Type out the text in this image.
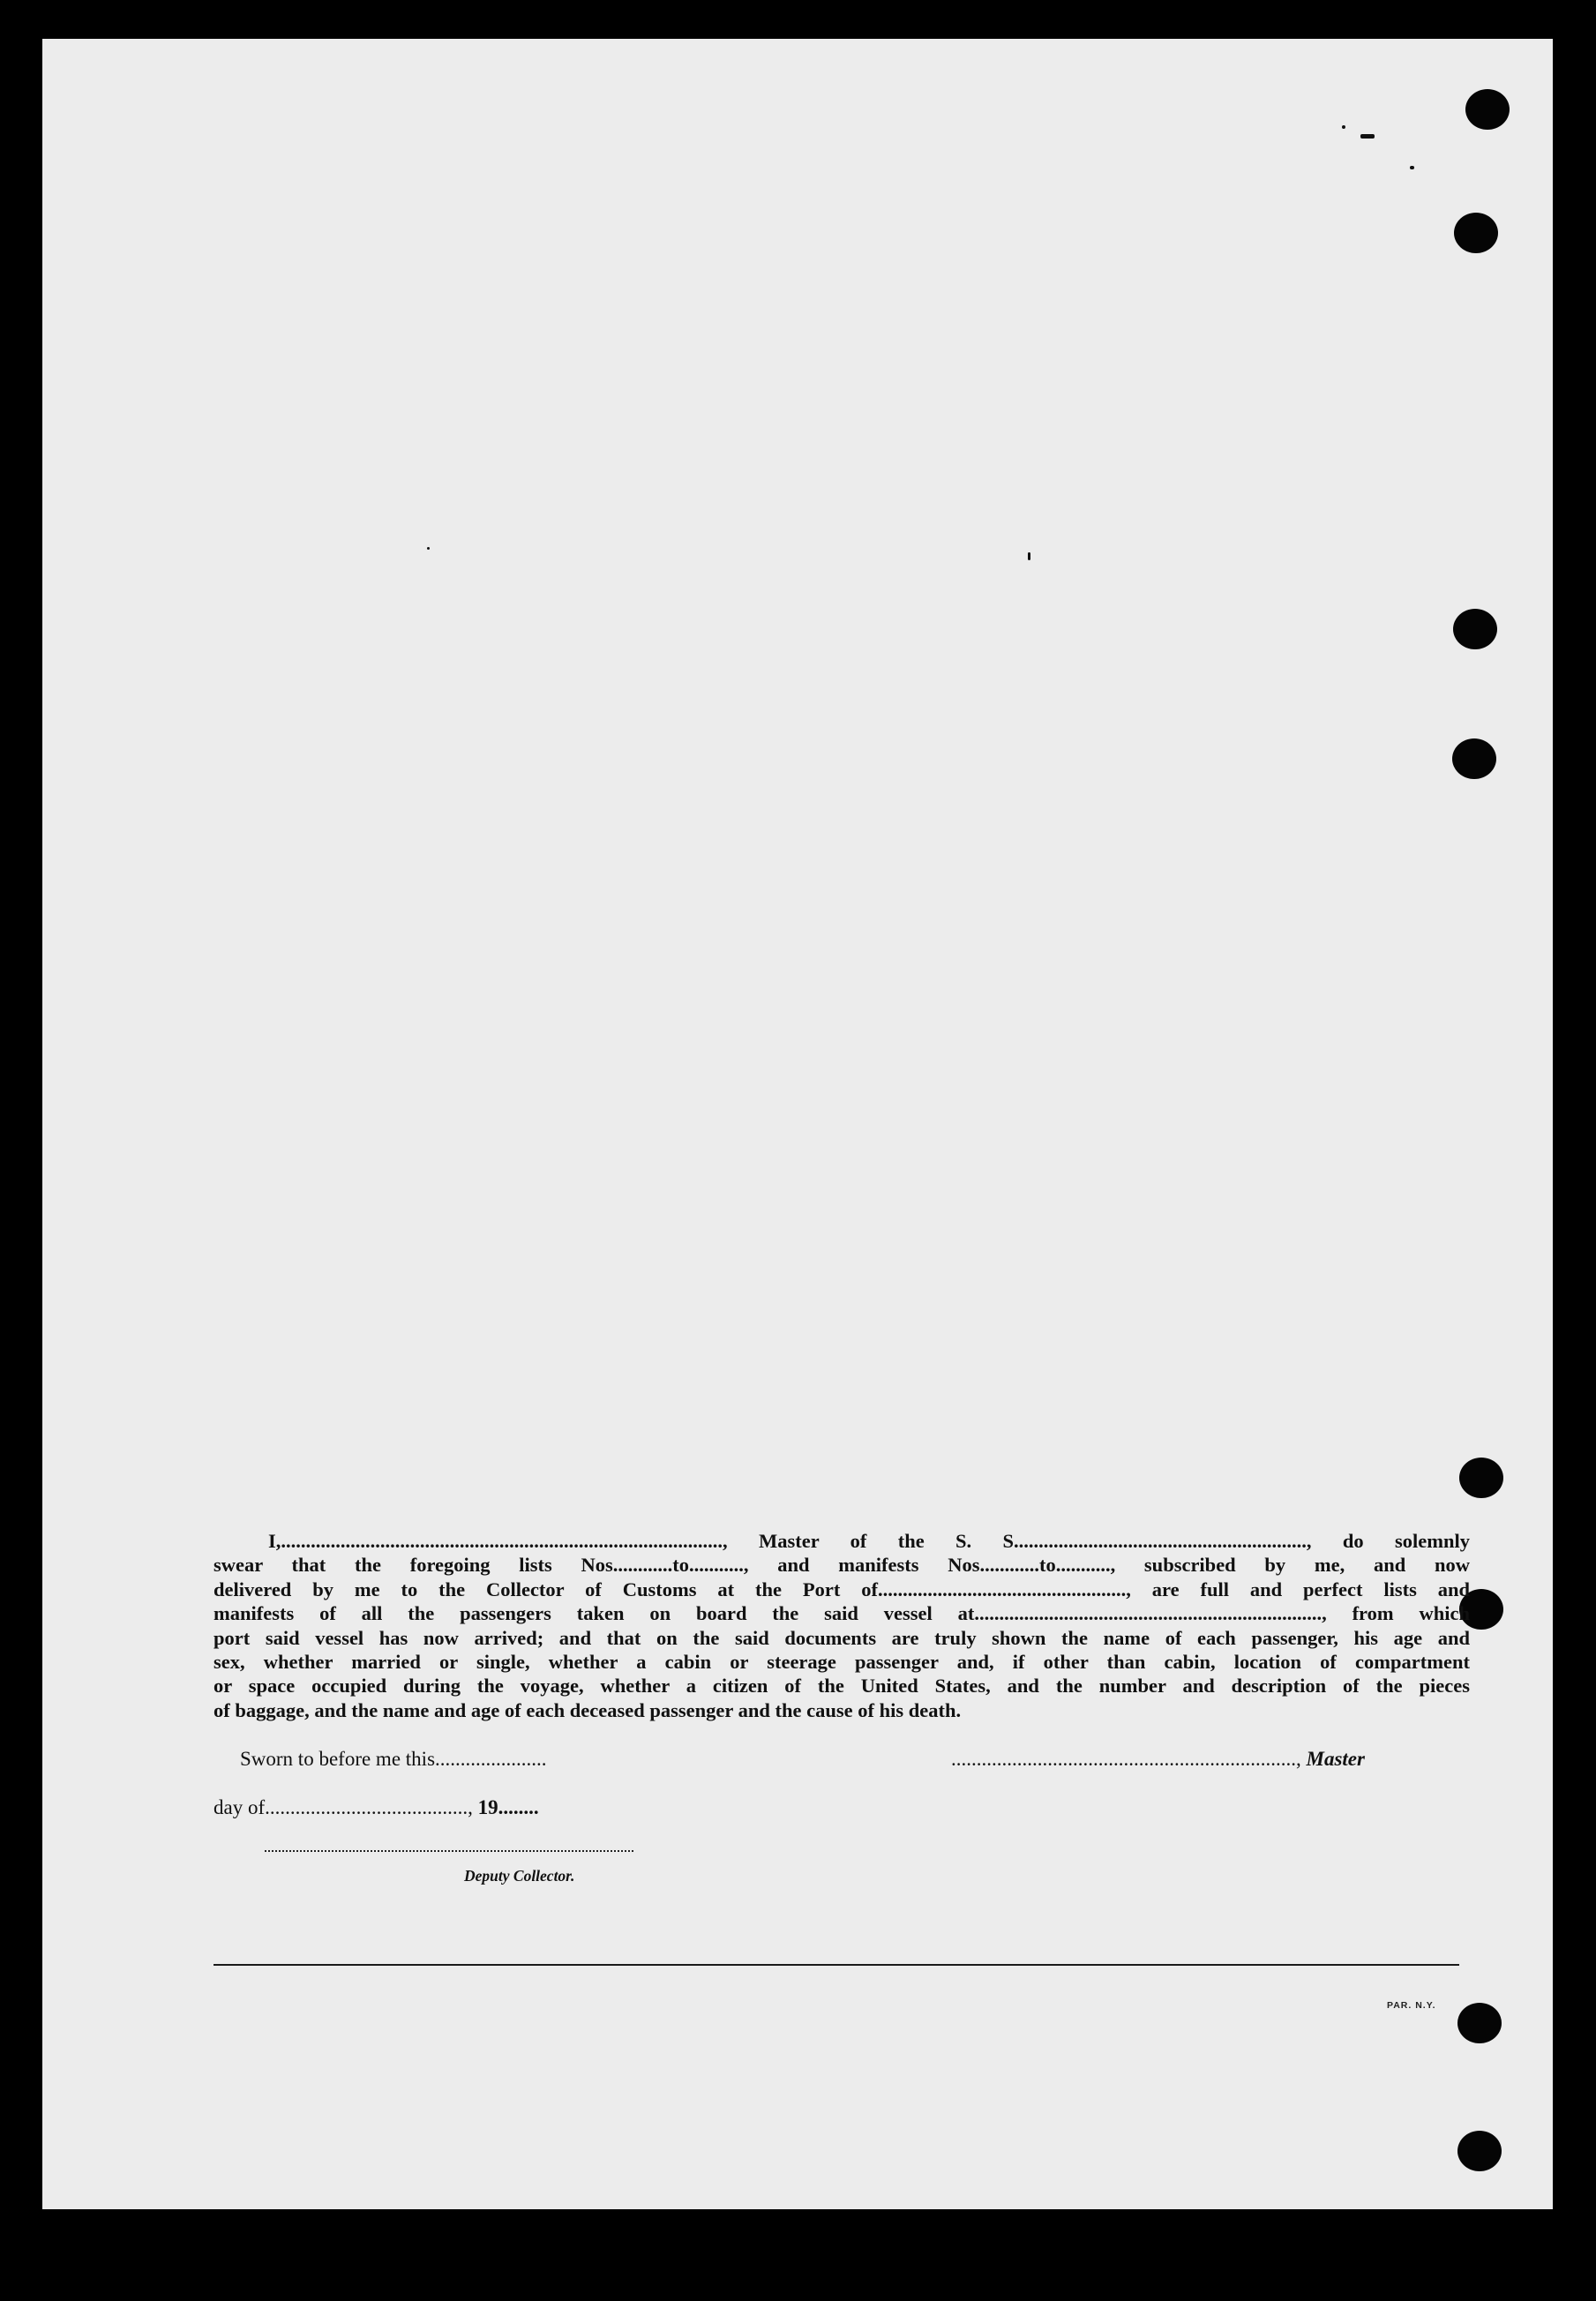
I,........................................................................................., Master of the S. S..........................................................., do solemnly
swear that the foregoing lists Nos............to..........., and manifests Nos............to..........., subscribed by me, and now
delivered by me to the Collector of Customs at the Port of.................................................., are full and perfect lists and
manifests of all the passengers taken on board the said vessel at......................................................................, from which
port said vessel has now arrived; and that on the said documents are truly shown the name of each passenger, his age and
sex, whether married or single, whether a cabin or steerage passenger and, if other than cabin, location of compartment
or space occupied during the voyage, whether a citizen of the United States, and the number and description of the pieces
of baggage, and the name and age of each deceased passenger and the cause of his death.
Sworn to before me this......................	...................................................................., Master
day of........................................, 19........
Deputy Collector.
PAR. N.Y.
